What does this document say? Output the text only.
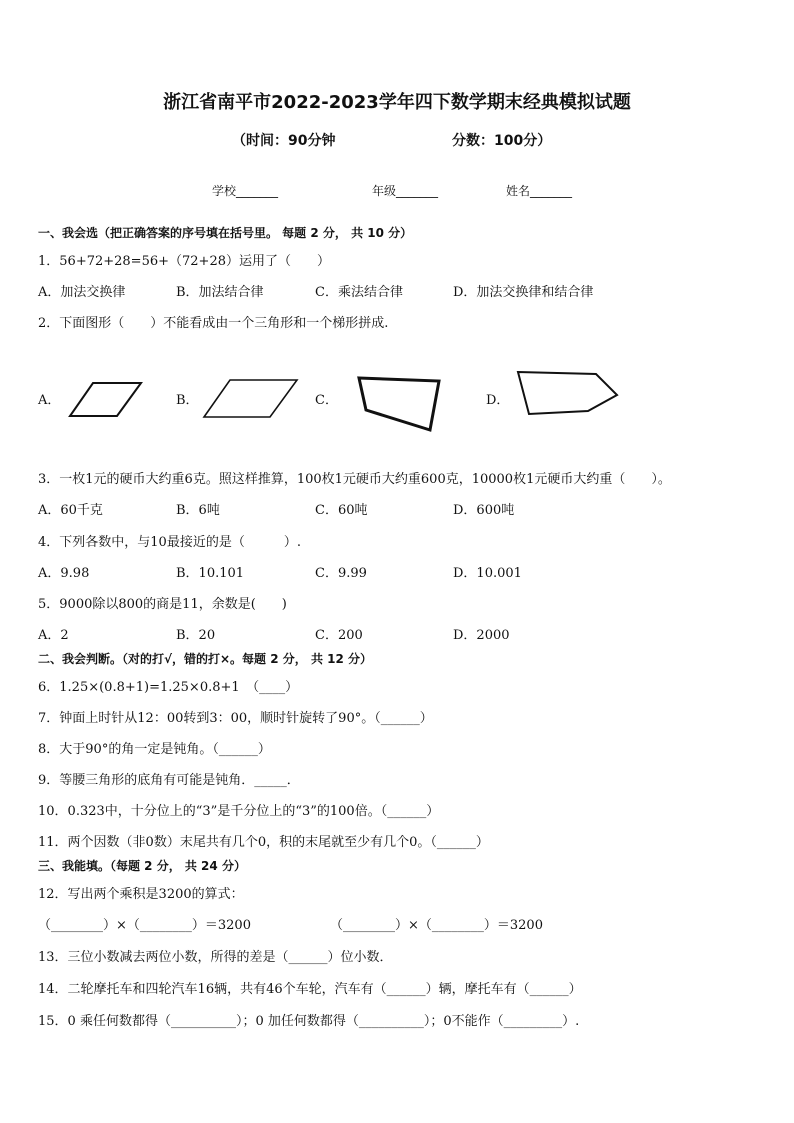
浙江省南平市2022-2023学年四下数学期末经典模拟试题
（时间：90分钟	分数：100分）
学校_______	年级_______	姓名_______
一、我会选（把正确答案的序号填在括号里。 每题 2 分， 共 10 分）
1．56+72+28=56+（72+28）运用了（　　）
A．加法交换律	B．加法结合律	C．乘法结合律	D．加法交换律和结合律
2．下面图形（　　）不能看成由一个三角形和一个梯形拼成.
A．	B．	C．	D．
3．一枚1元的硬币大约重6克。照这样推算，100枚1元硬币大约重600克，10000枚1元硬币大约重（　　）。
A．60千克	B．6吨	C．60吨	D．600吨
4．下列各数中，与10最接近的是（　　　）.
A．9.98	B．10.101	C．9.99	D．10.001
5．9000除以800的商是11，余数是(　　)
A．2	B．20	C．200	D．2000
二、我会判断。（对的打√，错的打×。每题 2 分， 共 12 分）
6．1.25×(0.8+1)=1.25×0.8+1　（____）
7．钟面上时针从12：00转到3：00，顺时针旋转了90°。（______）
8．大于90°的角一定是钝角。（______）
9．等腰三角形的底角有可能是钝角．_____．
10．0.323中，十分位上的“3”是千分位上的“3”的100倍。（______）
11．两个因数（非0数）末尾共有几个0，积的末尾就至少有几个0。（______）
三、我能填。（每题 2 分， 共 24 分）
12．写出两个乘积是3200的算式：
（________）×（________）＝3200	（________）×（________）＝3200
13．三位小数减去两位小数，所得的差是（______）位小数．
14．二轮摩托车和四轮汽车16辆，共有46个车轮，汽车有（______）辆，摩托车有（______）
15．0 乘任何数都得（__________）；0 加任何数都得（__________）；0不能作（_________）.
